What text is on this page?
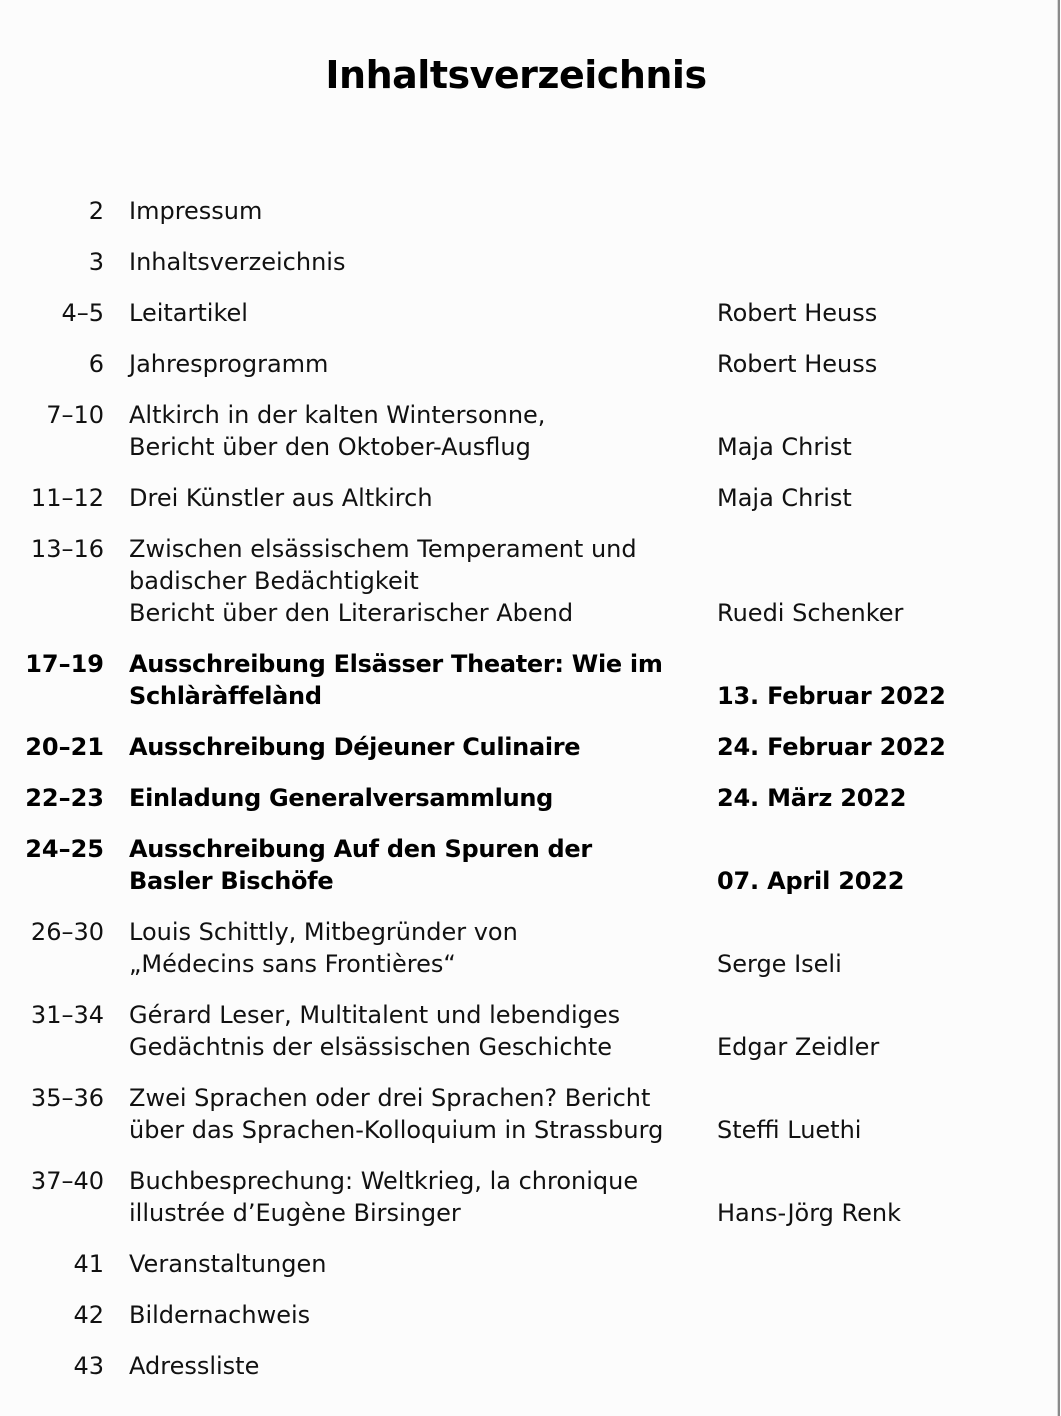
Inhaltsverzeichnis
2	Impressum
3	Inhaltsverzeichnis
4–5	Leitartikel	Robert Heuss
6	Jahresprogramm	Robert Heuss
7–10	Altkirch in der kalten Wintersonne,
Bericht über den Oktober-Ausflug	Maja Christ
11–12	Drei Künstler aus Altkirch	Maja Christ
13–16	Zwischen elsässischem Temperament und
badischer Bedächtigkeit
Bericht über den Literarischer Abend	Ruedi Schenker
17–19	Ausschreibung Elsässer Theater: Wie im
Schlàràffelànd	13. Februar 2022
20–21	Ausschreibung Déjeuner Culinaire	24. Februar 2022
22–23	Einladung Generalversammlung	24. März 2022
24–25	Ausschreibung Auf den Spuren der
Basler Bischöfe	07. April 2022
26–30	Louis Schittly, Mitbegründer von
„Médecins sans Frontières“	Serge Iseli
31–34	Gérard Leser, Multitalent und lebendiges
Gedächtnis der elsässischen Geschichte	Edgar Zeidler
35–36	Zwei Sprachen oder drei Sprachen? Bericht
über das Sprachen-Kolloquium in Strassburg	Steffi Luethi
37–40	Buchbesprechung: Weltkrieg, la chronique
illustrée d’Eugène Birsinger	Hans-Jörg Renk
41	Veranstaltungen
42	Bildernachweis
43	Adressliste
